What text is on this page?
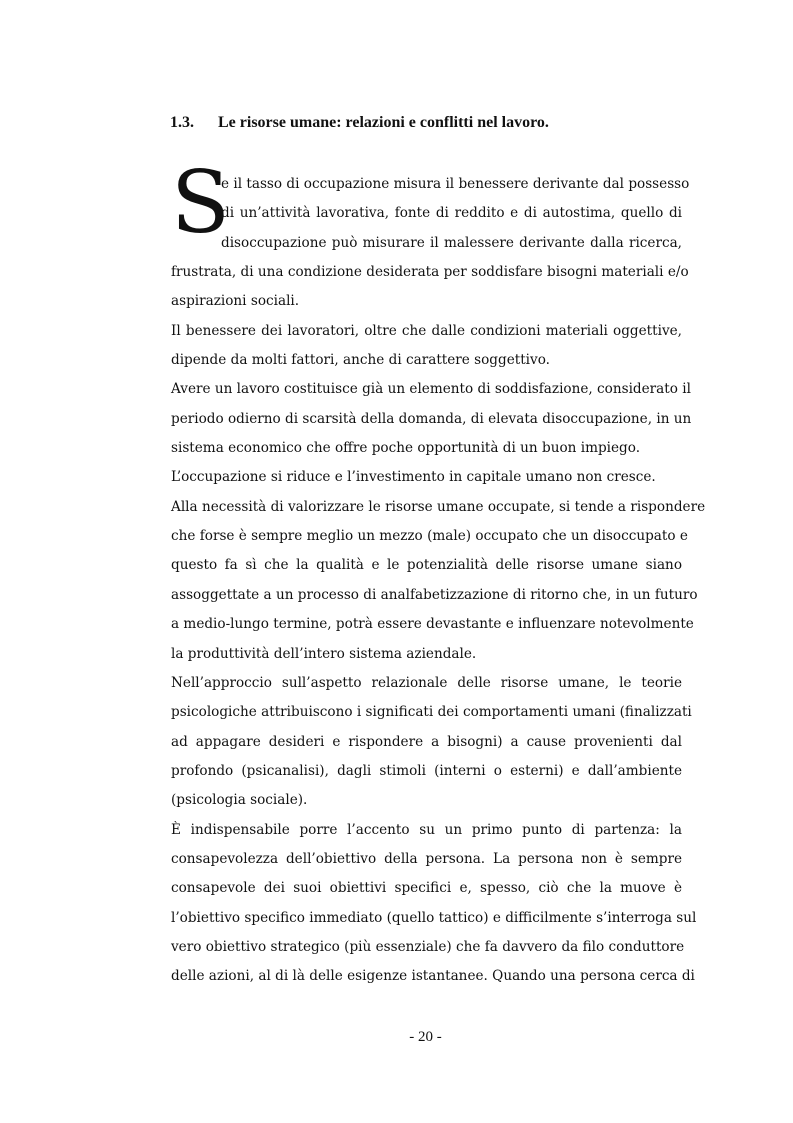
1.3. Le risorse umane: relazioni e conflitti nel lavoro.
S
e il tasso di occupazione misura il benessere derivante dal possesso
di un’attività lavorativa, fonte di reddito e di autostima, quello di
disoccupazione può misurare il malessere derivante dalla ricerca,
frustrata, di una condizione desiderata per soddisfare bisogni materiali e/o
aspirazioni sociali.
Il benessere dei lavoratori, oltre che dalle condizioni materiali oggettive,
dipende da molti fattori, anche di carattere soggettivo.
Avere un lavoro costituisce già un elemento di soddisfazione, considerato il
periodo odierno di scarsità della domanda, di elevata disoccupazione, in un
sistema economico che offre poche opportunità di un buon impiego.
L’occupazione si riduce e l’investimento in capitale umano non cresce.
Alla necessità di valorizzare le risorse umane occupate, si tende a rispondere
che forse è sempre meglio un mezzo (male) occupato che un disoccupato e
questo fa sì che la qualità e le potenzialità delle risorse umane siano
assoggettate a un processo di analfabetizzazione di ritorno che, in un futuro
a medio-lungo termine, potrà essere devastante e influenzare notevolmente
la produttività dell’intero sistema aziendale.
Nell’approccio sull’aspetto relazionale delle risorse umane, le teorie
psicologiche attribuiscono i significati dei comportamenti umani (finalizzati
ad appagare desideri e rispondere a bisogni) a cause provenienti dal
profondo (psicanalisi), dagli stimoli (interni o esterni) e dall’ambiente
(psicologia sociale).
È indispensabile porre l’accento su un primo punto di partenza: la
consapevolezza dell’obiettivo della persona. La persona non è sempre
consapevole dei suoi obiettivi specifici e, spesso, ciò che la muove è
l’obiettivo specifico immediato (quello tattico) e difficilmente s’interroga sul
vero obiettivo strategico (più essenziale) che fa davvero da filo conduttore
delle azioni, al di là delle esigenze istantanee. Quando una persona cerca di
- 20 -
